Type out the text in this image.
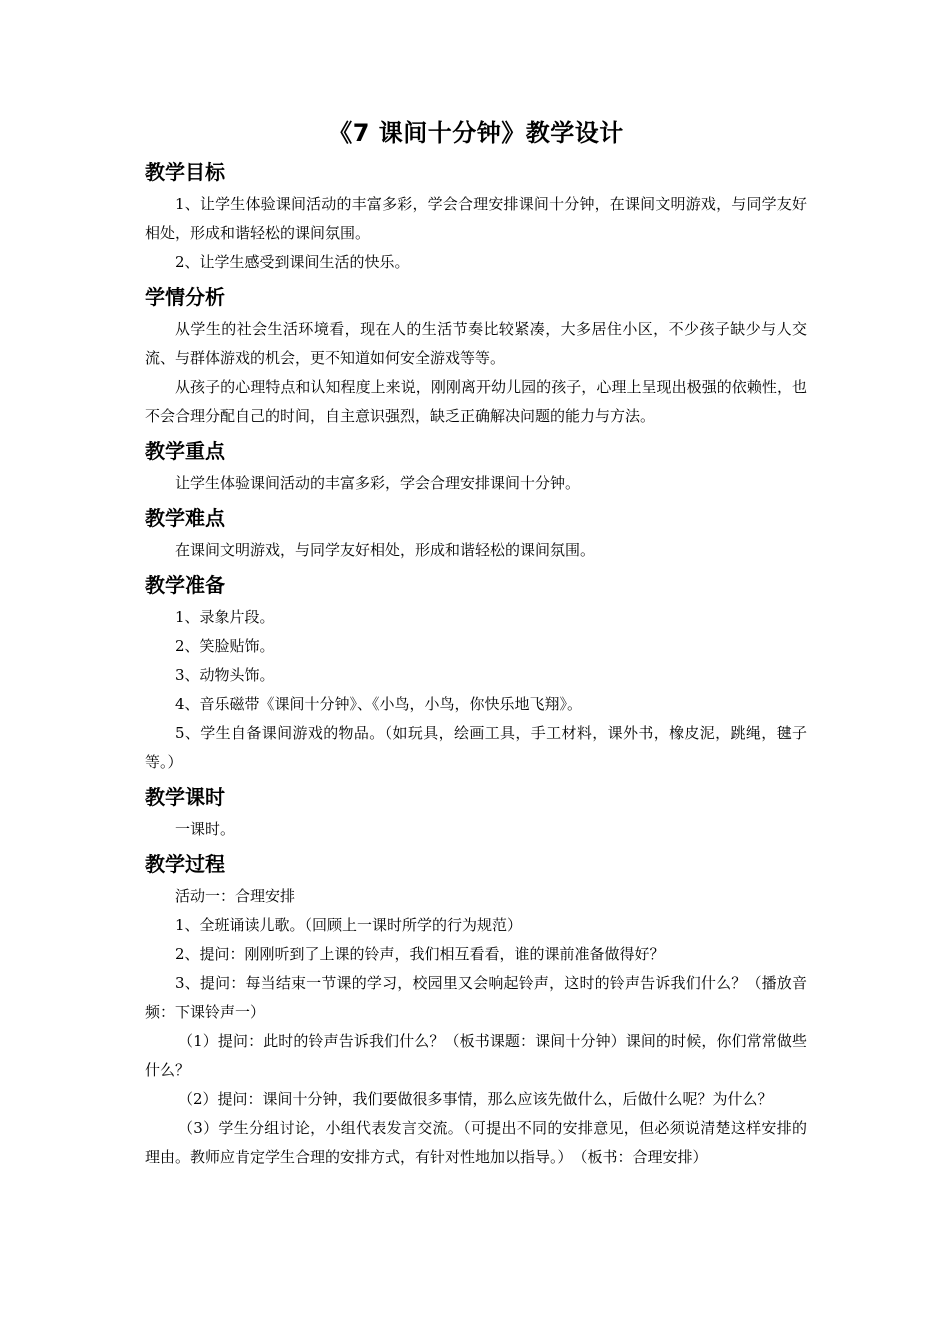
《7 课间十分钟》教学设计
教学目标

1、让学生体验课间活动的丰富多彩，学会合理安排课间十分钟，在课间文明游戏，与同学友好相处，形成和谐轻松的课间氛围。

2、让学生感受到课间生活的快乐。

学情分析

从学生的社会生活环境看，现在人的生活节奏比较紧凑，大多居住小区，不少孩子缺少与人交流、与群体游戏的机会，更不知道如何安全游戏等等。

从孩子的心理特点和认知程度上来说，刚刚离开幼儿园的孩子，心理上呈现出极强的依赖性，也不会合理分配自己的时间，自主意识强烈，缺乏正确解决问题的能力与方法。

教学重点

让学生体验课间活动的丰富多彩，学会合理安排课间十分钟。

教学难点

在课间文明游戏，与同学友好相处，形成和谐轻松的课间氛围。

教学准备

1、录象片段。

2、笑脸贴饰。

3、动物头饰。

4、音乐磁带《课间十分钟》、《小鸟，小鸟，你快乐地飞翔》。

5、学生自备课间游戏的物品。（如玩具，绘画工具，手工材料，课外书，橡皮泥，跳绳，毽子等。）

教学课时

一课时。

教学过程

活动一：合理安排

1、全班诵读儿歌。（回顾上一课时所学的行为规范）

2、提问：刚刚听到了上课的铃声，我们相互看看，谁的课前准备做得好？

3、提问：每当结束一节课的学习，校园里又会响起铃声，这时的铃声告诉我们什么？（播放音频：下课铃声一）

（1）提问：此时的铃声告诉我们什么？（板书课题：课间十分钟）课间的时候，你们常常做些什么？

（2）提问：课间十分钟，我们要做很多事情，那么应该先做什么，后做什么呢？为什么？

（3）学生分组讨论，小组代表发言交流。（可提出不同的安排意见，但必须说清楚这样安排的理由。教师应肯定学生合理的安排方式，有针对性地加以指导。）　（板书：合理安排）
